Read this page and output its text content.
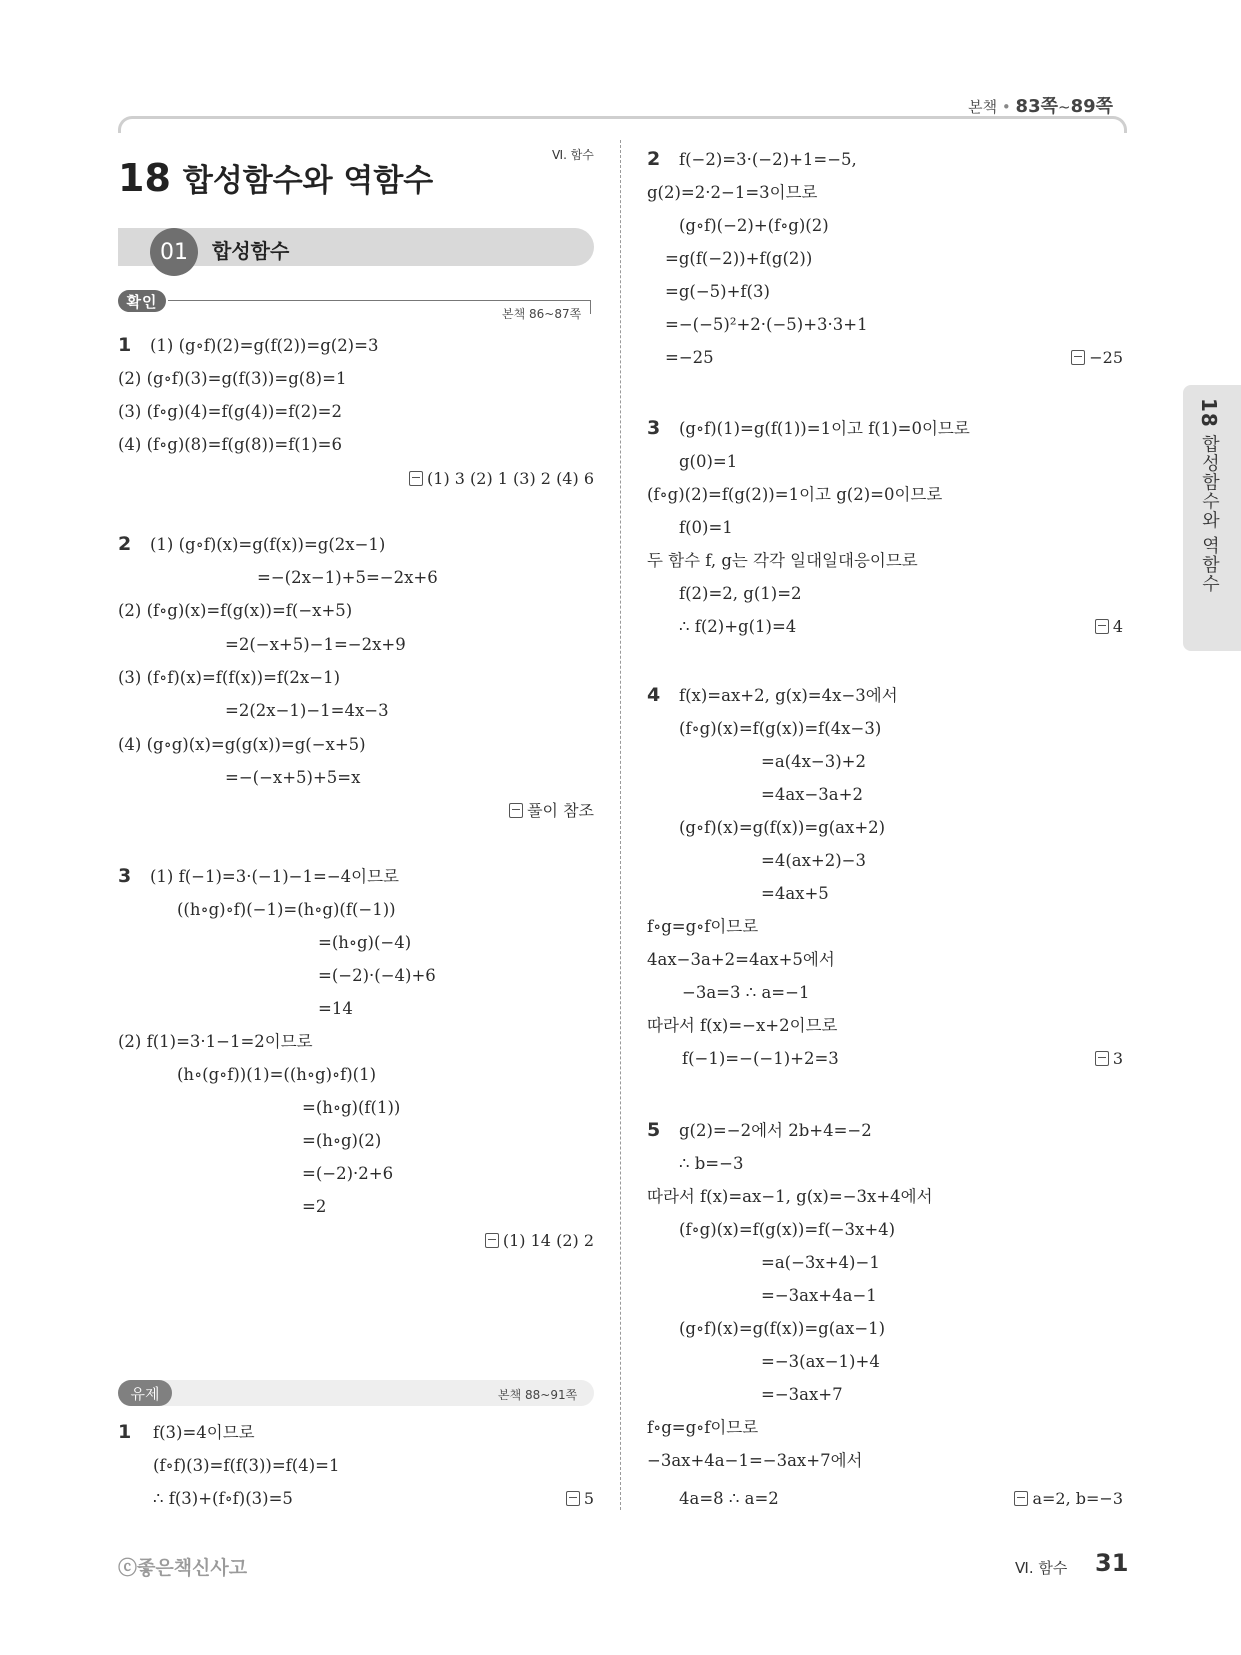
본책 • 83쪽~89쪽
Ⅵ. 함수
18 합성함수와 역함수
01	합성함수
확인
본책 86~87쪽
1 (1) (g∘f)(2)=g(f(2))=g(2)=3
(2) (g∘f)(3)=g(f(3))=g(8)=1
(3) (f∘g)(4)=f(g(4))=f(2)=2
(4) (f∘g)(8)=f(g(8))=f(1)=6
(1) 3 (2) 1 (3) 2 (4) 6
2 (1) (g∘f)(x)=g(f(x))=g(2x−1)
=−(2x−1)+5=−2x+6
(2) (f∘g)(x)=f(g(x))=f(−x+5)
=2(−x+5)−1=−2x+9
(3) (f∘f)(x)=f(f(x))=f(2x−1)
=2(2x−1)−1=4x−3
(4) (g∘g)(x)=g(g(x))=g(−x+5)
=−(−x+5)+5=x
풀이 참조
3 (1) f(−1)=3·(−1)−1=−4이므로
((h∘g)∘f)(−1)=(h∘g)(f(−1))
=(h∘g)(−4)
=(−2)·(−4)+6
=14
(2) f(1)=3·1−1=2이므로
(h∘(g∘f))(1)=((h∘g)∘f)(1)
=(h∘g)(f(1))
=(h∘g)(2)
=(−2)·2+6
=2
(1) 14 (2) 2
유제	본책 88~91쪽
1 f(3)=4이므로
(f∘f)(3)=f(f(3))=f(4)=1
∴ f(3)+(f∘f)(3)=5	5
2 f(−2)=3·(−2)+1=−5,
g(2)=2·2−1=3이므로
(g∘f)(−2)+(f∘g)(2)
=g(f(−2))+f(g(2))
=g(−5)+f(3)
=−(−5)²+2·(−5)+3·3+1
=−25	−25
3 (g∘f)(1)=g(f(1))=1이고 f(1)=0이므로
g(0)=1
(f∘g)(2)=f(g(2))=1이고 g(2)=0이므로
f(0)=1
두 함수 f, g는 각각 일대일대응이므로
f(2)=2, g(1)=2
∴ f(2)+g(1)=4	4
4 f(x)=ax+2, g(x)=4x−3에서
(f∘g)(x)=f(g(x))=f(4x−3)
=a(4x−3)+2
=4ax−3a+2
(g∘f)(x)=g(f(x))=g(ax+2)
=4(ax+2)−3
=4ax+5
f∘g=g∘f이므로
4ax−3a+2=4ax+5에서
−3a=3 ∴ a=−1
따라서 f(x)=−x+2이므로
f(−1)=−(−1)+2=3	3
5 g(2)=−2에서 2b+4=−2
∴ b=−3
따라서 f(x)=ax−1, g(x)=−3x+4에서
(f∘g)(x)=f(g(x))=f(−3x+4)
=a(−3x+4)−1
=−3ax+4a−1
(g∘f)(x)=g(f(x))=g(ax−1)
=−3(ax−1)+4
=−3ax+7
f∘g=g∘f이므로
−3ax+4a−1=−3ax+7에서
4a=8 ∴ a=2	a=2, b=−3
18 합성함수와 역함수
ⓒ좋은책신사고	Ⅵ. 함수 31
